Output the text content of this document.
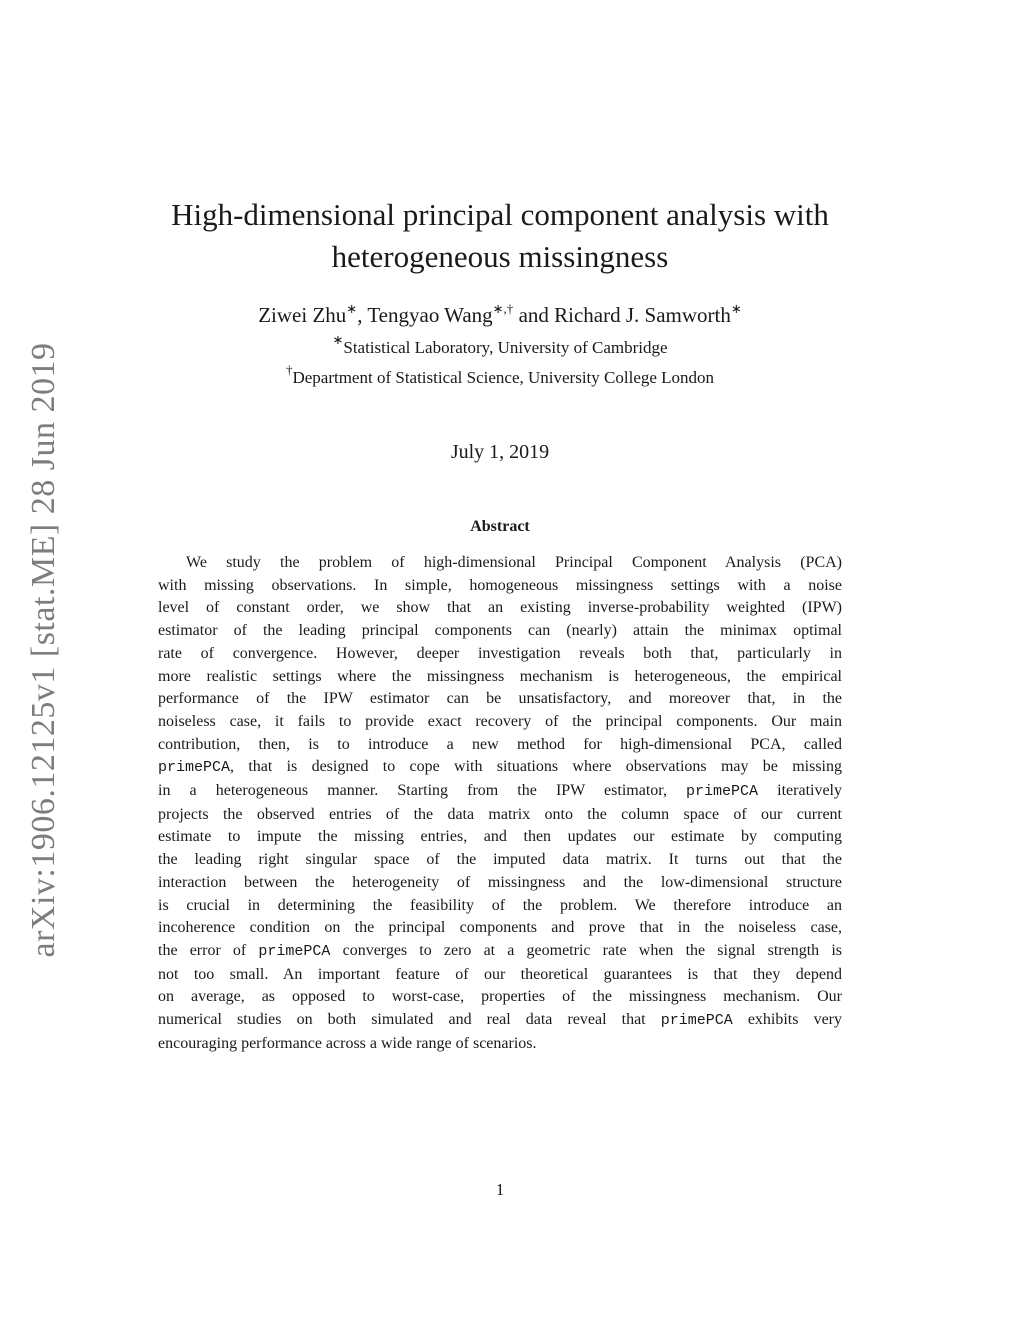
arXiv:1906.12125v1 [stat.ME] 28 Jun 2019
High-dimensional principal component analysis with
heterogeneous missingness
Ziwei Zhu∗, Tengyao Wang∗,† and Richard J. Samworth∗
∗Statistical Laboratory, University of Cambridge
†Department of Statistical Science, University College London
July 1, 2019
Abstract
We study the problem of high-dimensional Principal Component Analysis (PCA)
with missing observations. In simple, homogeneous missingness settings with a noise
level of constant order, we show that an existing inverse-probability weighted (IPW)
estimator of the leading principal components can (nearly) attain the minimax optimal
rate of convergence. However, deeper investigation reveals both that, particularly in
more realistic settings where the missingness mechanism is heterogeneous, the empirical
performance of the IPW estimator can be unsatisfactory, and moreover that, in the
noiseless case, it fails to provide exact recovery of the principal components. Our main
contribution, then, is to introduce a new method for high-dimensional PCA, called
primePCA, that is designed to cope with situations where observations may be missing
in a heterogeneous manner. Starting from the IPW estimator, primePCA iteratively
projects the observed entries of the data matrix onto the column space of our current
estimate to impute the missing entries, and then updates our estimate by computing
the leading right singular space of the imputed data matrix. It turns out that the
interaction between the heterogeneity of missingness and the low-dimensional structure
is crucial in determining the feasibility of the problem. We therefore introduce an
incoherence condition on the principal components and prove that in the noiseless case,
the error of primePCA converges to zero at a geometric rate when the signal strength is
not too small. An important feature of our theoretical guarantees is that they depend
on average, as opposed to worst-case, properties of the missingness mechanism. Our
numerical studies on both simulated and real data reveal that primePCA exhibits very
encouraging performance across a wide range of scenarios.
1
